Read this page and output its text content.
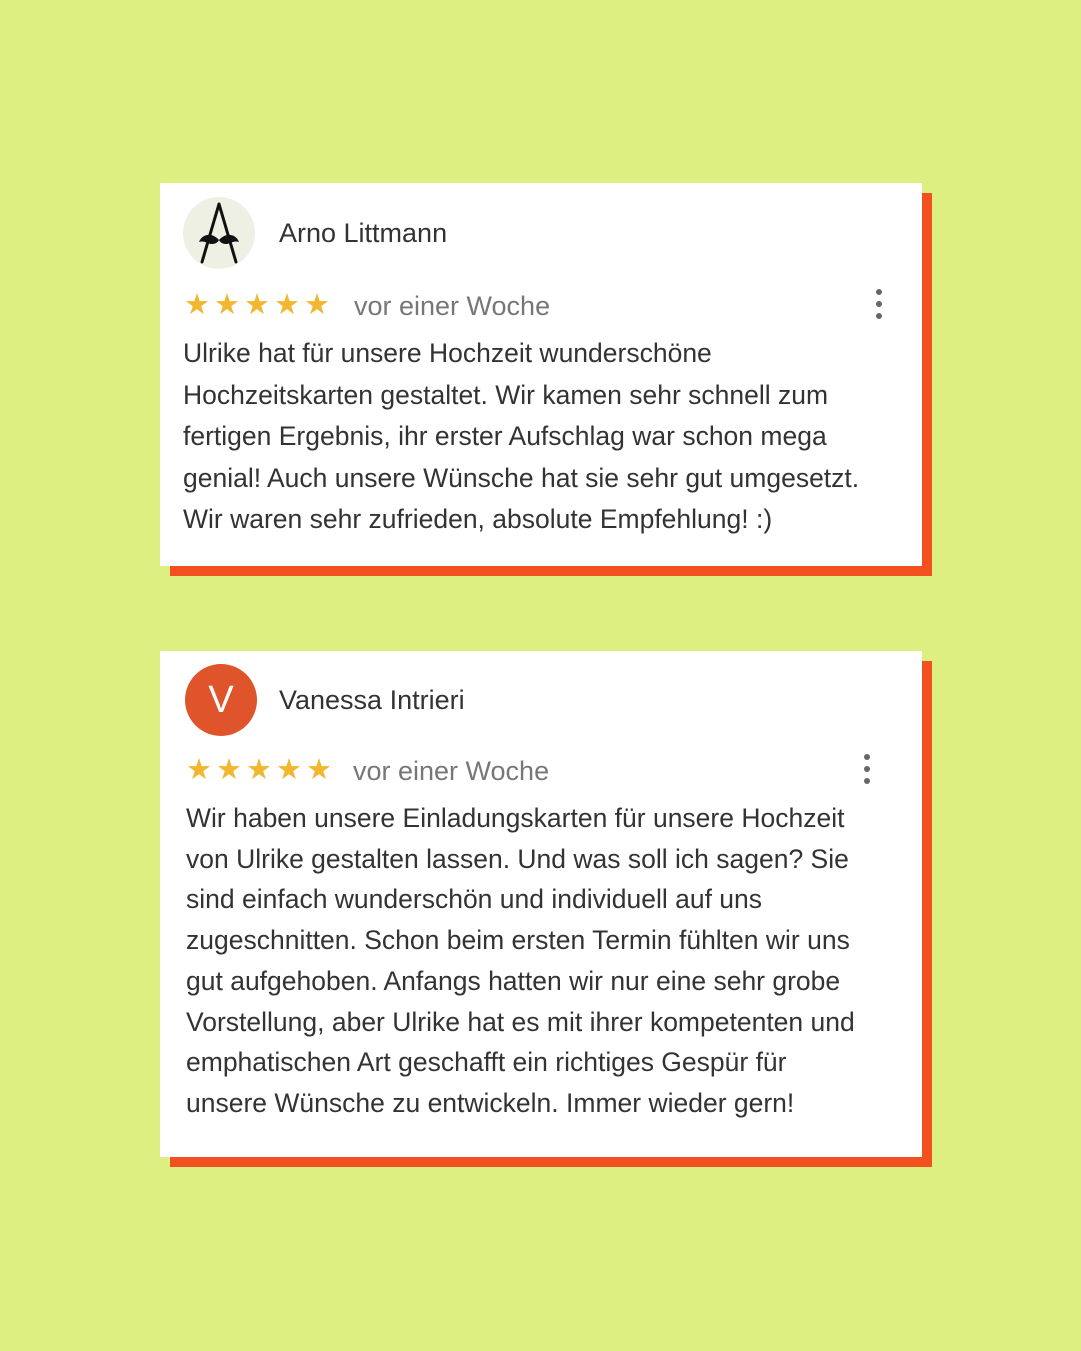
Arno Littmann
★ ★ ★ ★ ★ vor einer Woche
Ulrike hat für unsere Hochzeit wunderschöne
Hochzeitskarten gestaltet. Wir kamen sehr schnell zum
fertigen Ergebnis, ihr erster Aufschlag war schon mega
genial! Auch unsere Wünsche hat sie sehr gut umgesetzt.
Wir waren sehr zufrieden, absolute Empfehlung! :)
V Vanessa Intrieri
★ ★ ★ ★ ★ vor einer Woche
Wir haben unsere Einladungskarten für unsere Hochzeit
von Ulrike gestalten lassen. Und was soll ich sagen? Sie
sind einfach wunderschön und individuell auf uns
zugeschnitten. Schon beim ersten Termin fühlten wir uns
gut aufgehoben. Anfangs hatten wir nur eine sehr grobe
Vorstellung, aber Ulrike hat es mit ihrer kompetenten und
emphatischen Art geschafft ein richtiges Gespür für
unsere Wünsche zu entwickeln. Immer wieder gern!
